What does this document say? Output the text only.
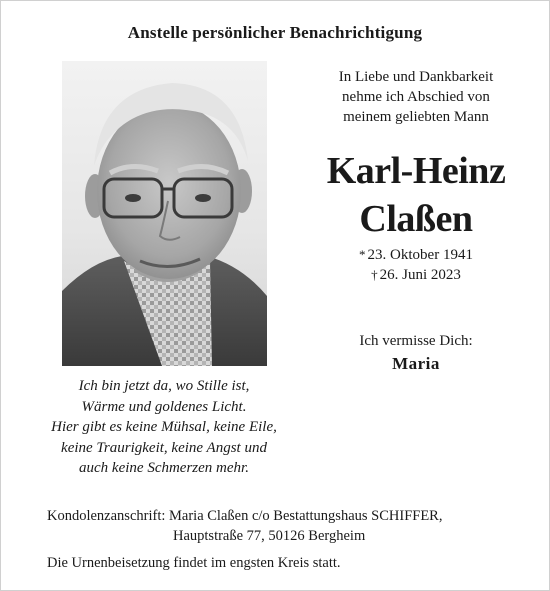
Anstelle persönlicher Benachrichtigung
In Liebe und Dankbarkeit
nehme ich Abschied von
meinem geliebten Mann
Karl-Heinz
Claßen
* 23. Oktober 1941
† 26. Juni 2023
Ich vermisse Dich:
Maria
Ich bin jetzt da, wo Stille ist,
Wärme und goldenes Licht.
Hier gibt es keine Mühsal, keine Eile,
keine Traurigkeit, keine Angst und
auch keine Schmerzen mehr.
Kondolenzanschrift: Maria Claßen c/o Bestattungshaus SCHIFFER,
Hauptstraße 77, 50126 Bergheim
Die Urnenbeisetzung findet im engsten Kreis statt.
